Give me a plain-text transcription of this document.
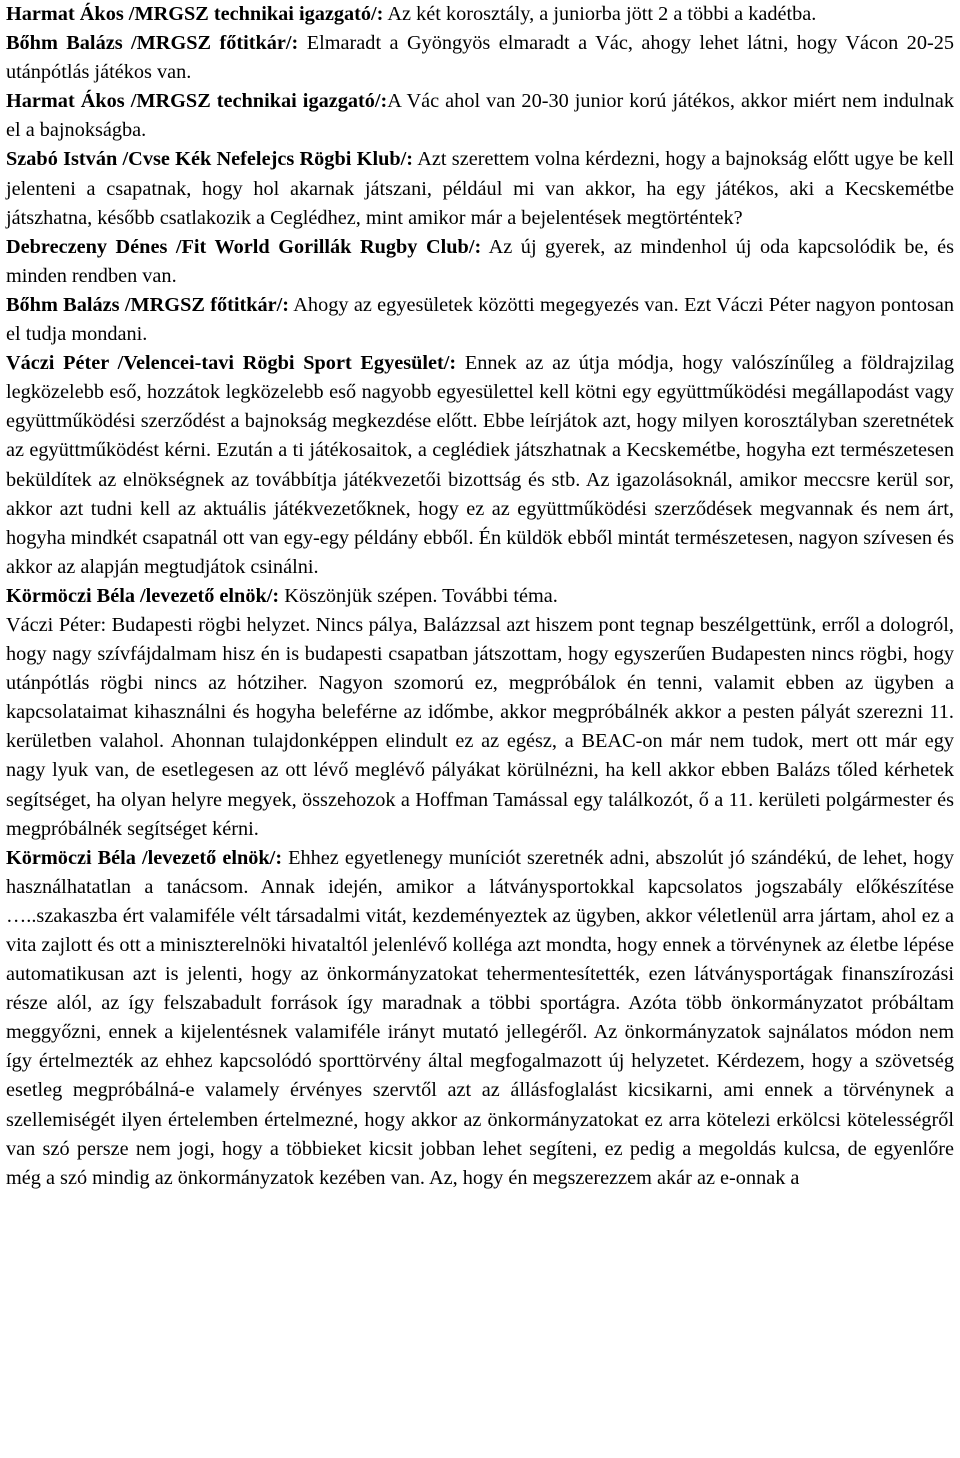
Harmat Ákos /MRGSZ technikai igazgató/: Az két korosztály, a juniorba jött 2 a többi a kadétba.

Bőhm Balázs /MRGSZ főtitkár/: Elmaradt a Gyöngyös elmaradt a Vác, ahogy lehet látni, hogy Vácon 20-25 utánpótlás játékos van.

Harmat Ákos /MRGSZ technikai igazgató/:A Vác ahol van 20-30 junior korú játékos, akkor miért nem indulnak el a bajnokságba.

Szabó István /Cvse Kék Nefelejcs Rögbi Klub/: Azt szerettem volna kérdezni, hogy a bajnokság előtt ugye be kell jelenteni a csapatnak, hogy hol akarnak játszani, például mi van akkor, ha egy játékos, aki a Kecskemétbe játszhatna, később csatlakozik a Ceglédhez, mint amikor már a bejelentések megtörténtek?

Debreczeny Dénes /Fit World Gorillák Rugby Club/: Az új gyerek, az mindenhol új oda kapcsolódik be, és minden rendben van.

Bőhm Balázs /MRGSZ főtitkár/: Ahogy az egyesületek közötti megegyezés van. Ezt Váczi Péter nagyon pontosan el tudja mondani.

Váczi Péter /Velencei-tavi Rögbi Sport Egyesület/: Ennek az az útja módja, hogy valószínűleg a földrajzilag legközelebb eső, hozzátok legközelebb eső nagyobb egyesülettel kell kötni egy együttműködési megállapodást vagy együttműködési szerződést a bajnokság megkezdése előtt. Ebbe leírjátok azt, hogy milyen korosztályban szeretnétek az együttműködést kérni. Ezután a ti játékosaitok, a ceglédiek játszhatnak a Kecskemétbe, hogyha ezt természetesen beküldítek az elnökségnek az továbbítja játékvezetői bizottság és stb. Az igazolásoknál, amikor meccsre kerül sor, akkor azt tudni kell az aktuális játékvezetőknek, hogy ez az együttműködési szerződések megvannak és nem árt, hogyha mindkét csapatnál ott van egy-egy példány ebből. Én küldök ebből mintát természetesen, nagyon szívesen és akkor az alapján megtudjátok csinálni.

Körmöczi Béla /levezető elnök/: Köszönjük szépen. További téma.

Váczi Péter: Budapesti rögbi helyzet. Nincs pálya, Balázzsal azt hiszem pont tegnap beszélgettünk, erről a dologról, hogy nagy szívfájdalmam hisz én is budapesti csapatban játszottam, hogy egyszerűen Budapesten nincs rögbi, hogy utánpótlás rögbi nincs az hótziher. Nagyon szomorú ez, megpróbálok én tenni, valamit ebben az ügyben a kapcsolataimat kihasználni és hogyha beleférne az időmbe, akkor megpróbálnék akkor a pesten pályát szerezni 11. kerületben valahol. Ahonnan tulajdonképpen elindult ez az egész, a BEAC-on már nem tudok, mert ott már egy nagy lyuk van, de esetlegesen az ott lévő meglévő pályákat körülnézni, ha kell akkor ebben Balázs tőled kérhetek segítséget, ha olyan helyre megyek, összehozok a Hoffman Tamással egy találkozót, ő a 11. kerületi polgármester és megpróbálnék segítséget kérni.

Körmöczi Béla /levezető elnök/: Ehhez egyetlenegy muníciót szeretnék adni, abszolút jó szándékú, de lehet, hogy használhatatlan a tanácsom. Annak idején, amikor a látványsportokkal kapcsolatos jogszabály előkészítése …..szakaszba ért valamiféle vélt társadalmi vitát, kezdeményeztek az ügyben, akkor véletlenül arra jártam, ahol ez a vita zajlott és ott a miniszterelnöki hivataltól jelenlévő kolléga azt mondta, hogy ennek a törvénynek az életbe lépése automatikusan azt is jelenti, hogy az önkormányzatokat tehermentesítették, ezen látványsportágak finanszírozási része alól, az így felszabadult források így maradnak a többi sportágra. Azóta több önkormányzatot próbáltam meggyőzni, ennek a kijelentésnek valamiféle irányt mutató jellegéről. Az önkormányzatok sajnálatos módon nem így értelmezték az ehhez kapcsolódó sporttörvény által megfogalmazott új helyzetet. Kérdezem, hogy a szövetség esetleg megpróbálná-e valamely érvényes szervtől azt az állásfoglalást kicsikarni, ami ennek a törvénynek a szellemiségét ilyen értelemben értelmezné, hogy akkor az önkormányzatokat ez arra kötelezi erkölcsi kötelességről van szó persze nem jogi, hogy a többieket kicsit jobban lehet segíteni, ez pedig a megoldás kulcsa, de egyenlőre még a szó mindig az önkormányzatok kezében van. Az, hogy én megszerezzem akár az e-onnak a
